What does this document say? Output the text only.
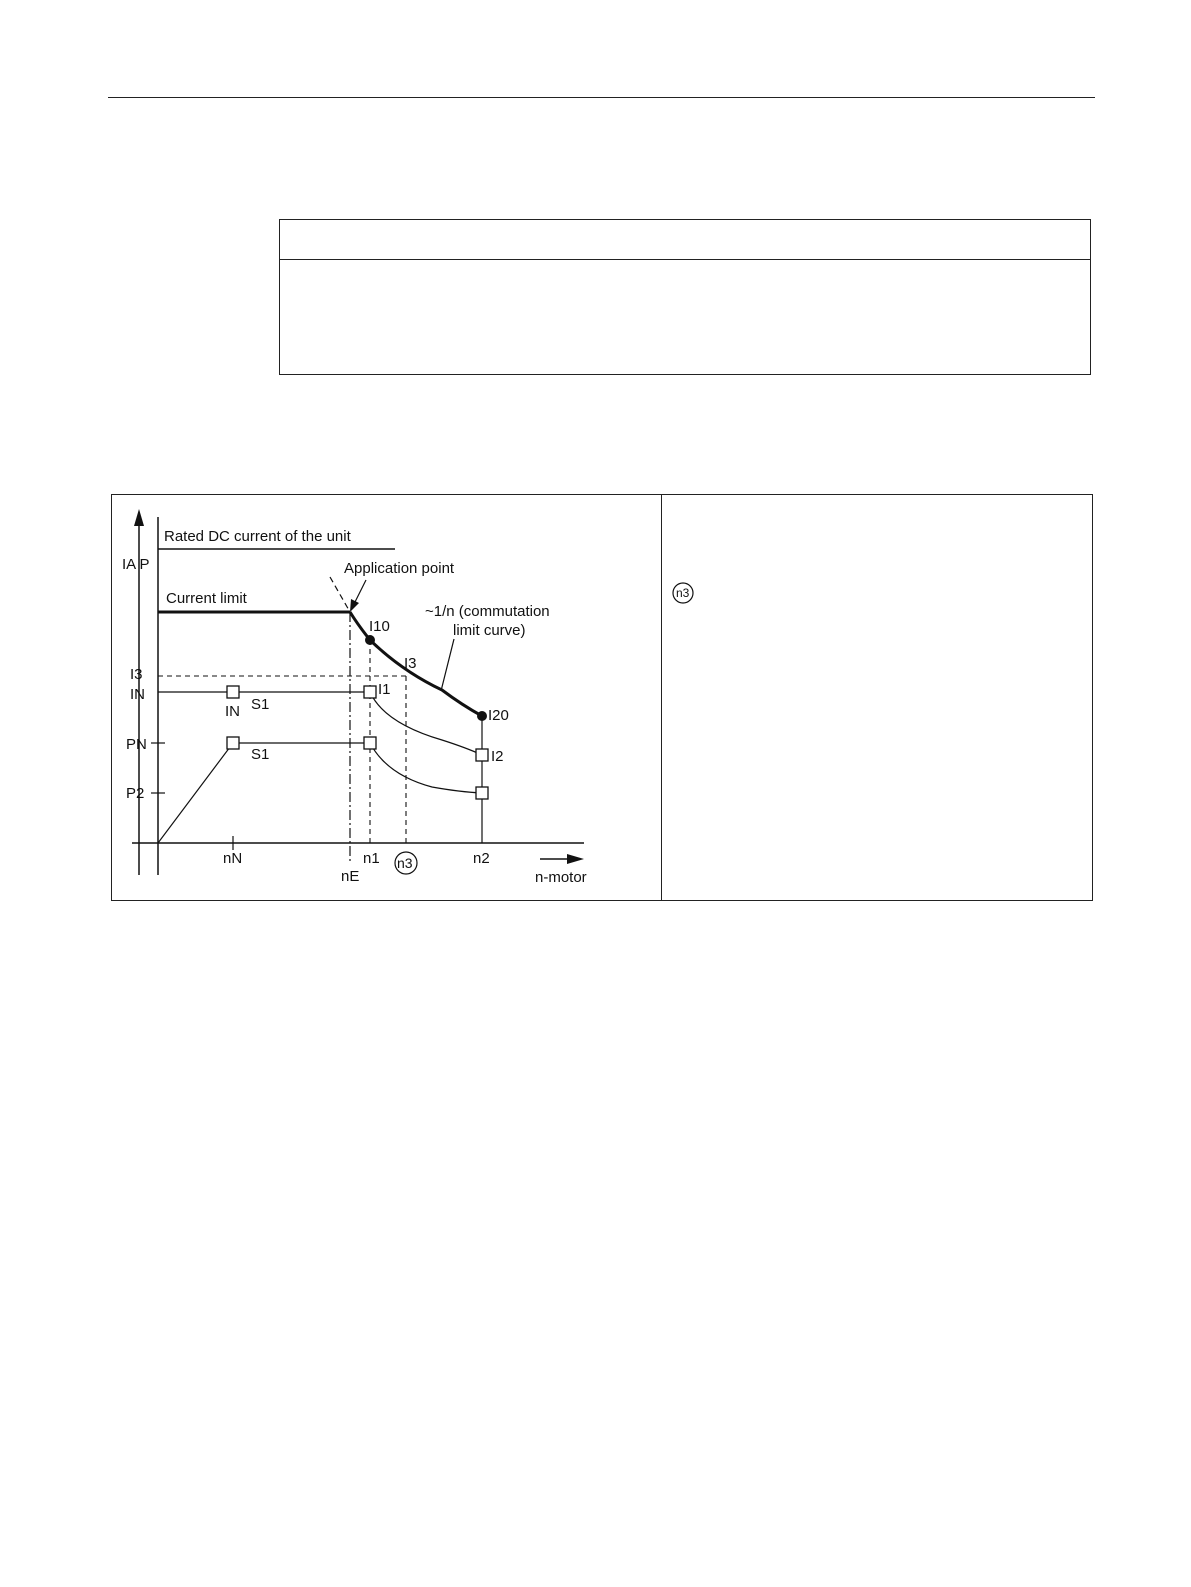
IA P
Rated DC current of the unit
Current limit
Application point
~1/n (commutation
limit curve)
I10
I3
I20
I3
IN
PN
P2
IN S1
S1
I1
I2
nN
nE
n1 n3	n2
n-motor
n3
